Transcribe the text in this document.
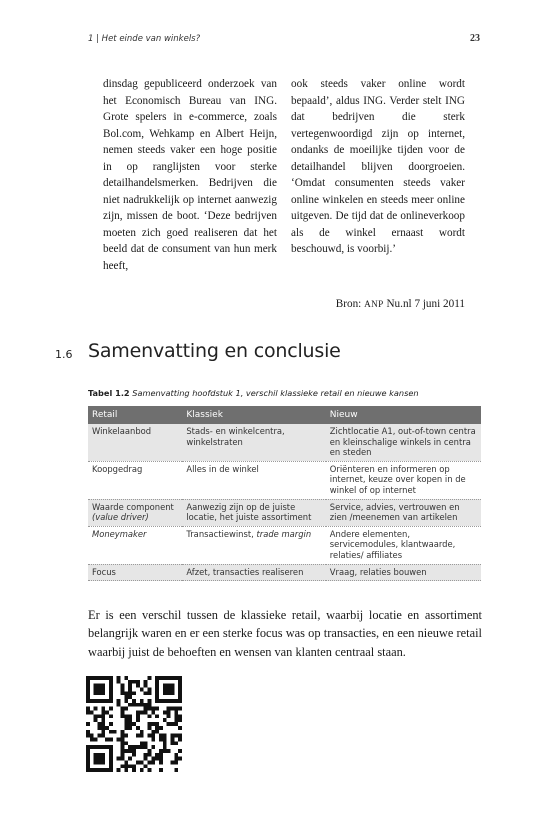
1 | Het einde van winkels?	23
dinsdag gepubliceerd onderzoek van het Economisch Bureau van ING. Grote spelers in e-commerce, zoals Bol.com, Wehkamp en Albert Heijn, nemen steeds vaker een hoge positie in op ranglijsten voor sterke detailhandelsmerken. Bedrijven die niet nadrukkelijk op internet aanwezig zijn, missen de boot. ‘Deze bedrijven moeten zich goed realiseren dat het beeld dat de consument van hun merk heeft,
ook steeds vaker online wordt bepaald’, aldus ING. Verder stelt ING dat bedrijven die sterk vertegenwoordigd zijn op internet, ondanks de moeilijke tijden voor de detailhandel blijven doorgroeien. ‘Omdat consumenten steeds vaker online winkelen en steeds meer online uitgeven. De tijd dat de onlineverkoop als de winkel ernaast wordt beschouwd, is voorbij.’
Bron: ANP Nu.nl 7 juni 2011
1.6 Samenvatting en conclusie
Tabel 1.2 Samenvatting hoofdstuk 1, verschil klassieke retail en nieuwe kansen
Retail	Klassiek	Nieuw
Winkelaanbod	Stads- en winkelcentra, winkelstraten	Zichtlocatie A1, out-of-town centra en kleinschalige winkels in centra en steden
Koopgedrag	Alles in de winkel	Oriënteren en informeren op internet, keuze over kopen in de winkel of op internet
Waarde component
(value driver)	Aanwezig zijn op de juiste locatie, het juiste assortiment	Service, advies, vertrouwen en zien /meenemen van artikelen
Moneymaker	Transactiewinst, trade margin	Andere elementen, servicemodules, klantwaarde, relaties/ affiliates
Focus	Afzet, transacties realiseren	Vraag, relaties bouwen

Er is een verschil tussen de klassieke retail, waarbij locatie en assortiment belangrijk waren en er een sterke focus was op transacties, en een nieuwe retail waarbij juist de behoeften en wensen van klanten centraal staan.
